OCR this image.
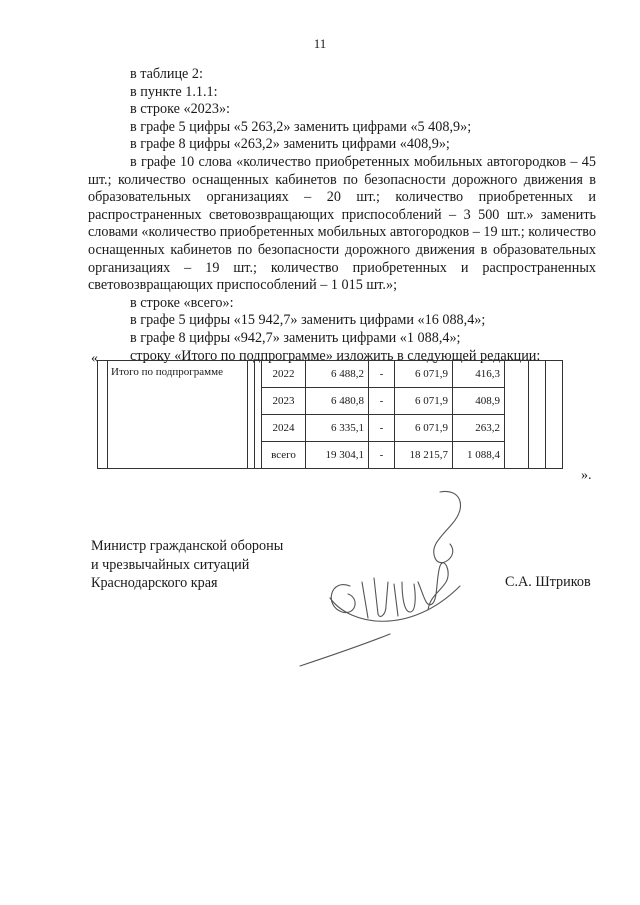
11

в таблице 2:

в пункте 1.1.1:

в строке «2023»:

в графе 5 цифры «5 263,2» заменить цифрами «5 408,9»;

в графе 8 цифры «263,2» заменить цифрами «408,9»;

в графе 10 слова «количество приобретенных мобильных автогородков – 45 шт.; количество оснащенных кабинетов по безопасности дорожного движения в образовательных организациях – 20 шт.; количество приобретенных и распространенных световозвращающих приспособлений – 3 500 шт.» заменить словами «количество приобретенных мобильных автогородков – 19 шт.; количество оснащенных кабинетов по безопасности дорожного движения в образовательных организациях – 19 шт.; количество приобретенных и распространенных световозвращающих приспособлений – 1 015 шт.»;

в строке «всего»:

в графе 5 цифры «15 942,7» заменить цифрами «16 088,4»;

в графе 8 цифры «942,7» заменить цифрами «1 088,4»;

строку «Итого по подпрограмме» изложить в следующей редакции:

«
	Итого по подпрограмме			2022	6 488,2	-	6 071,9	416,3			
				2023	6 480,8	-	6 071,9	408,9			
				2024	6 335,1	-	6 071,9	263,2			
				всего	19 304,1	-	18 215,7	1 088,4			
».
Министр гражданской обороны
и чрезвычайных ситуаций
Краснодарского края	С.А. Штриков
